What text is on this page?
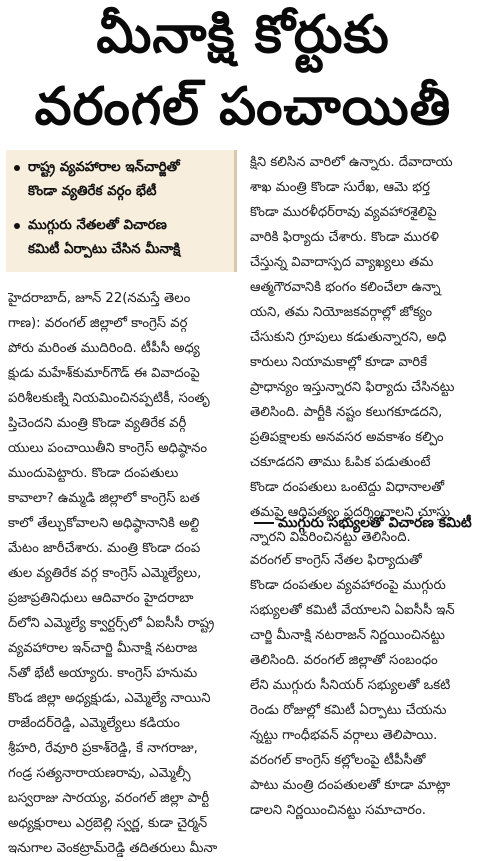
మీనాక్షి కోర్టుకు
వరంగల్ పంచాయితీ
రాష్ట్ర వ్యవహారాల ఇన్‌చార్జితో
కొండా వ్యతిరేక వర్గం భేటీ
ముగ్గురు నేతలతో విచారణ
కమిటీ ఏర్పాటు చేసిన మీనాక్షి
హైదరాబాద్, జూన్ 22(నమస్తే తెలం
గాణ): వరంగల్ జిల్లాలో కాంగ్రెస్ వర్గ
పోరు మరింత ముదిరింది. టీపీసీ అధ్య
క్షుడు మహేశ్‌కుమార్‌గౌడ్ ఈ వివాదంపై
పరిశీలకుణ్ని నియమించినప్పటికీ, సంతృ
ప్తిచెందని మంత్రి కొండా వ్యతిరేక వర్గీ
యులు పంచాయితీని కాంగ్రెస్ అధిష్ఠానం
ముందుపెట్టారు. కొండా దంపతులు
కావాలా? ఉమ్మడి జిల్లాలో కాంగ్రెస్ బత
కాలో తేల్చుకోవాలని అధిష్ఠానానికి అల్టి
మేటం జారీచేశారు. మంత్రి కొండా దంప
తుల వ్యతిరేక వర్గ కాంగ్రెస్ ఎమ్మెల్యేలు,
ప్రజాప్రతినిధులు ఆదివారం హైదరాబా
ద్‌లోని ఎమ్మెల్యే క్వార్టర్స్‌లో ఏఐసీసీ రాష్ట్ర
వ్యవహారాల ఇన్‌చార్జి మీనాక్షి నటరాజ
న్‌తో భేటీ అయ్యారు. కాంగ్రెస్ హనుమ
కొండ జిల్లా అధ్యక్షుడు, ఎమ్మెల్యే నాయిని
రాజేందర్‌రెడ్డి, ఎమ్మెల్యేలు కడియం
శ్రీహరి, రేవూరి ప్రకాశ్‌రెడ్డి, కే నాగరాజు,
గండ్ర సత్యనారాయణరావు, ఎమ్మెల్సీ
బస్వరాజు సారయ్య, వరంగల్ జిల్లా పార్టీ
అధ్యక్షురాలు ఎర్రబెల్లి స్వర్ణ, కుడా చైర్మన్
ఇనుగాల వెంకట్రామ్‌రెడ్డి తదితరులు మీనా
క్షిని కలిసిన వారిలో ఉన్నారు. దేవాదాయ
శాఖ మంత్రి కొండా సురేఖ, ఆమె భర్త
కొండా మురళీధర్‌రావు వ్యవహారశైలిపై
వారికి ఫిర్యాదు చేశారు. కొండా మురళి
చేస్తున్న వివాదాస్పద వ్యాఖ్యలు తమ
ఆత్మగౌరవానికి భంగం కలించేలా ఉన్నా
యని, తమ నియోజకవర్గాల్లో జోక్యం
చేసుకుని గ్రూపులు కడుతున్నారని, అధి
కారులు నియామకాల్లో కూడా వారికే
ప్రాధాన్యం ఇస్తున్నారని ఫిర్యాదు చేసినట్టు
తెలిసింది. పార్టీకి నష్టం కలుగకూడదని,
ప్రతిపక్షాలకు అనవసర అవకాశం కల్పిం
చకూడదని తాము ఓపిక పడుతుంటే
కొండా దంపతులు ఒంటెద్దు విధానాలతో
తమపై ఆధిపత్యం ప్రదర్శించాలని చూస్తు
న్నారని వివరించినట్టు తెలిసింది.
ముగ్గురు సభ్యులతో విచారణ కమిటీ
వరంగల్ కాంగ్రెస్ నేతల ఫిర్యాదుతో
కొండా దంపతుల వ్యవహారంపై ముగ్గురు
సభ్యులతో కమిటీ వేయాలని ఏఐసీసీ ఇన్
చార్జి మీనాక్షి నటరాజన్ నిర్ణయించినట్టు
తెలిసింది. వరంగల్ జిల్లాతో సంబంధం
లేని ముగ్గురు సీనియర్ సభ్యులతో ఒకటి
రెండు రోజుల్లో కమిటీ ఏర్పాటు చేయను
న్నట్టు గాంధీభవన్ వర్గాలు తెలిపాయి.
వరంగల్ కాంగ్రెస్ కల్లోలంపై టీపీసీతో
పాటు మంత్రి దంపతులతో కూడా మాట్లా
డాలని నిర్ణయించినట్టు సమాచారం.
